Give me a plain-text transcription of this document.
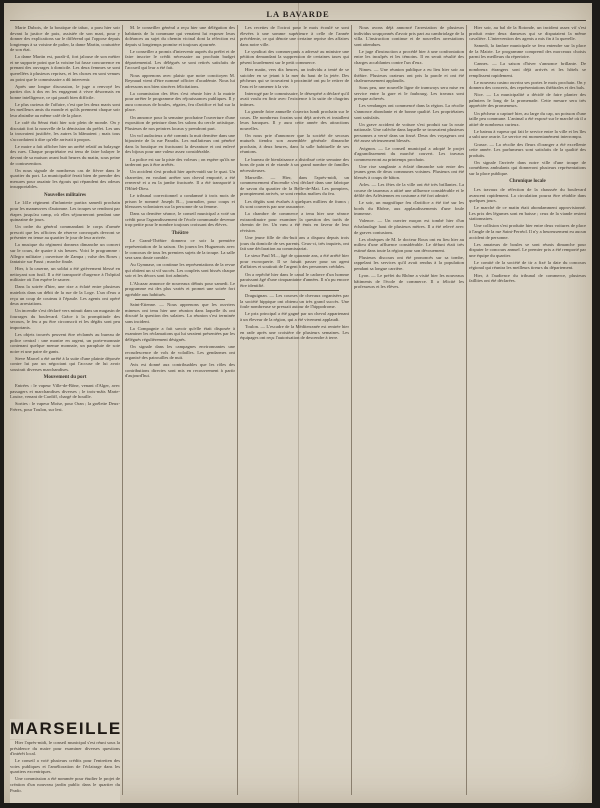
LA BAVARDE

Marie Dubois, de la boutique de tabac, a paru hier soir devant la justice de paix, assistée de son mari, pour y donner des explications sur le différend qui l'oppose depuis longtemps à sa voisine de palier, la dame Martin, couturière de son état.

La dame Martin est, paraît-il, fort jalouse de son métier et ne supporte point que la voisine lui fasse concurrence en prenant des ouvrages à domicile. Les deux femmes se sont querellées à plusieurs reprises, et les choses en sont venues au point que le commissaire a dû intervenir.

Après une longue discussion, le juge a renvoyé les parties dos à dos en les engageant à vivre désormais en bonne intelligence, ce qui paraît bien difficile.

Le plus curieux de l'affaire, c'est que les deux maris sont les meilleurs amis du monde et qu'ils prennent chaque soir leur absinthe au même café de la place.

Le café du Sénat était hier soir plein de monde. On y discutait fort la nouvelle de la démission du préfet. Les uns la trouvaient justifiée, les autres la blâmaient ; mais tous s'accordaient à dire qu'elle arrivait à propos.

Le maire a fait afficher hier un arrêté relatif au balayage des rues. Chaque propriétaire est tenu de faire balayer le devant de sa maison avant huit heures du matin, sous peine de contravention.

On nous signale de nombreux cas de fièvre dans le quartier du port. La municipalité ferait bien de prendre des mesures pour assainir les égouts qui répandent des odeurs insupportables.

Nouvelles militaires

Le 141e régiment d'infanterie partira samedi prochain pour les manœuvres d'automne. Les troupes se rendront par étapes jusqu'au camp, où elles séjourneront pendant une quinzaine de jours.

Un ordre du général commandant le corps d'armée prescrit que les officiers de réserve convoqués devront se présenter en tenue au quartier le jour de leur arrivée.

La musique du régiment donnera dimanche un concert sur le cours, de quatre à six heures. Voici le programme : Allegro militaire ; ouverture de Zampa ; valse des Roses ; fantaisie sur Faust ; marche finale.

Hier, à la caserne, un soldat a été grièvement blessé en nettoyant son fusil. Il a été transporté d'urgence à l'hôpital militaire où l'on espère le sauver.

Dans la soirée d'hier, une rixe a éclaté entre plusieurs matelots dans un débit de la rue de la Loge. L'un d'eux a reçu un coup de couteau à l'épaule. Les agents ont opéré deux arrestations.

Un incendie s'est déclaré vers minuit dans un magasin de fourrages du boulevard. Grâce à la promptitude des secours, le feu a pu être circonscrit et les dégâts sont peu importants.

Les objets trouvés peuvent être réclamés au bureau de police central : une montre en argent, un porte-monnaie contenant quelque menue monnaie, un parapluie de soie noire et une paire de gants.

Steve Marcel a été arrêté à la suite d'une plainte déposée contre lui par un négociant qui l'accuse de lui avoir soustrait diverses marchandises.

Mouvement du port

Entrées : le vapeur Ville-de-Bône, venant d'Alger, avec passagers et marchandises diverses ; le trois-mâts Marie-Louise, venant de Cardiff, chargé de houille.

Sorties : le vapeur Moïse, pour Oran ; la goélette Deux-Frères, pour Toulon, sur lest.

M. le conseiller général a reçu hier une délégation des habitants de la commune qui venaient lui exposer leurs doléances au sujet du chemin vicinal dont la réfection est depuis si longtemps promise et toujours ajournée.

Le conseiller a promis d'intervenir auprès du préfet et de faire inscrire le crédit nécessaire au prochain budget départemental. Les délégués se sont retirés satisfaits de l'accueil qui leur a été fait.

Nous apprenons avec plaisir que notre concitoyen M. Reynaud vient d'être nommé officier d'académie. Nous lui adressons nos bien sincères félicitations.

La commission des fêtes s'est réunie hier à la mairie pour arrêter le programme des réjouissances publiques. Il y aura concours de boules, régates, feu d'artifice et bal sur la place.

On annonce pour la semaine prochaine l'ouverture d'une exposition de peinture dans les salons du cercle artistique. Plusieurs de nos peintres locaux y prendront part.

Un vol audacieux a été commis la nuit dernière dans une bijouterie de la rue Paradis. Les malfaiteurs ont pénétré dans la boutique en fracturant la devanture et ont enlevé des bijoux pour une valeur assez considérable.

La police est sur la piste des voleurs ; on espère qu'ils ne tarderont pas à être arrêtés.

Un accident s'est produit hier après-midi sur le quai. Un charretier, en voulant arrêter son cheval emporté, a été renversé et a eu la jambe fracturée. Il a été transporté à l'Hôtel-Dieu.

Le tribunal correctionnel a condamné à trois mois de prison le nommé Joseph B..., journalier, pour coups et blessures volontaires sur la personne de sa femme.

Dans sa dernière séance, le conseil municipal a voté un crédit pour l'agrandissement de l'école communale devenue trop petite pour le nombre toujours croissant des élèves.

Théâtre

Le Grand-Théâtre donnera ce soir la première représentation de la saison. On jouera les Huguenots avec le concours de tous les premiers sujets de la troupe. La salle sera sans doute comble.

Au Gymnase, on continue les représentations de la revue qui obtient un si vif succès. Les couplets sont bissés chaque soir et les décors sont fort admirés.

L'Alcazar annonce de nouveaux débuts pour samedi. Le programme est des plus variés et promet une soirée fort agréable aux habitués.

Saint-Etienne. — Nous apprenons que les ouvriers mineurs ont tenu hier une réunion dans laquelle ils ont discuté la question des salaires. La réunion s'est terminée sans incident.

La Compagnie a fait savoir qu'elle était disposée à examiner les réclamations qui lui seraient présentées par les délégués régulièrement désignés.

On signale dans les campagnes environnantes une recrudescence de vols de volailles. Les gendarmes ont organisé des patrouilles de nuit.

Avis est donné aux contribuables que les rôles des contributions directes sont mis en recouvrement à partir d'aujourd'hui.

Les recettes de l'octroi pour le mois écoulé se sont élevées à une somme supérieure à celle de l'année précédente, ce qui dénote une certaine reprise des affaires dans notre ville.

Le syndicat des commerçants a adressé au ministre une pétition demandant la suppression de certaines taxes qui pèsent lourdement sur le petit commerce.

Hier matin, vers dix heures, un individu a tenté de se suicider en se jetant à la mer du haut de la jetée. Des pêcheurs qui se trouvaient à proximité ont pu le retirer de l'eau et le ramener à la vie.

Interrogé par le commissaire, le désespéré a déclaré qu'il avait voulu en finir avec l'existence à la suite de chagrins intimes.

La grande foire annuelle s'ouvrira lundi prochain sur le cours. De nombreux forains sont déjà arrivés et installent leurs baraques. Il y aura cette année des attractions nouvelles.

On nous prie d'annoncer que la société de secours mutuels tiendra son assemblée générale dimanche prochain, à deux heures, dans la salle habituelle de ses réunions.

Le bureau de bienfaisance a distribué cette semaine des bons de pain et de viande à un grand nombre de familles nécessiteuses.

Marseille. — Hier, dans l'après-midi, un commencement d'incendie s'est déclaré dans une fabrique de savon du quartier de la Belle-de-Mai. Les pompiers, promptement arrivés, se sont rendus maîtres du feu.

Les dégâts sont évalués à quelques milliers de francs ; ils sont couverts par une assurance.

La chambre de commerce a tenu hier une séance extraordinaire pour examiner la question des tarifs de chemin de fer. Un vœu a été émis en faveur de leur révision.

Une jeune fille de dix-huit ans a disparu depuis trois jours du domicile de ses parents. Ceux-ci, très inquiets, ont fait une déclaration au commissariat.

Le sieur Paul M..., âgé de quarante ans, a été arrêté hier pour escroquerie. Il se faisait passer pour un agent d'affaires et soutirait de l'argent à des personnes crédules.

On a repêché hier dans le canal le cadavre d'un homme paraissant âgé d'une cinquantaine d'années. Il n'a pu encore être identifié.

Draguignan. — Les courses de chevaux organisées par la société hippique ont obtenu un très grand succès. Une foule nombreuse se pressait autour de l'hippodrome.

Le prix principal a été gagné par un cheval appartenant à un éleveur de la région, qui a été vivement applaudi.

Toulon. — L'escadre de la Méditerranée est rentrée hier en rade après une croisière de plusieurs semaines. Les équipages ont reçu l'autorisation de descendre à terre.

Nous avons déjà annoncé l'arrestation de plusieurs individus soupçonnés d'avoir pris part au cambriolage de la villa. L'instruction continue et de nouvelles arrestations sont attendues.

Le juge d'instruction a procédé hier à une confrontation entre les inculpés et les témoins. Il en serait résulté des charges accablantes contre l'un d'eux.

Nimes. — Une réunion publique a eu lieu hier soir au théâtre. Plusieurs orateurs ont pris la parole et ont été chaleureusement applaudis.

Sous peu, une nouvelle ligne de tramways sera mise en service entre la gare et le faubourg. Les travaux sont presque achevés.

Les vendanges ont commencé dans la région. La récolte s'annonce abondante et de bonne qualité. Les propriétaires sont satisfaits.

Un grave accident de voiture s'est produit sur la route nationale. Une calèche dans laquelle se trouvaient plusieurs personnes a versé dans un fossé. Deux des voyageurs ont été assez sérieusement blessés.

Avignon. — Le conseil municipal a adopté le projet d'agrandissement du marché couvert. Les travaux commenceront au printemps prochain.

Une rixe sanglante a éclaté dimanche soir entre des jeunes gens de deux communes voisines. Plusieurs ont été blessés à coups de bâton.

Arles. — Les fêtes de la ville ont été très brillantes. La course de taureaux a attiré une affluence considérable et le défilé des Arlésiennes en costume a été fort admiré.

Le soir, un magnifique feu d'artifice a été tiré sur les bords du Rhône, aux applaudissements d'une foule immense.

Valence. — Un ouvrier maçon est tombé hier d'un échafaudage haut de plusieurs mètres. Il a été relevé avec de graves contusions.

Les obsèques de M. le docteur Roux ont eu lieu hier au milieu d'une affluence considérable. Le défunt était très estimé dans toute la région pour son dévouement.

Plusieurs discours ont été prononcés sur sa tombe, rappelant les services qu'il avait rendus à la population pendant sa longue carrière.

Lyon. — Le préfet du Rhône a visité hier les nouveaux bâtiments de l'école de commerce. Il a félicité les professeurs et les élèves.

Hier soir, au bal de la Rotonde, un incident assez vif s'est produit entre deux danseurs qui se disputaient la même cavalière. L'intervention des agents a mis fin à la querelle.

Samedi, la fanfare municipale se fera entendre sur la place de la Mairie. Le programme comprend des morceaux choisis parmi les meilleurs du répertoire.

Cannes. — La saison d'hiver s'annonce brillante. De nombreux étrangers sont déjà arrivés et les hôtels se remplissent rapidement.

Le nouveau casino ouvrira ses portes le mois prochain. On y donnera des concerts, des représentations théâtrales et des bals.

Nice. — La municipalité a décidé de faire planter des palmiers le long de la promenade. Cette mesure sera très appréciée des promeneurs.

Un pêcheur a capturé hier, au large du cap, un poisson d'une taille peu commune. L'animal a été exposé sur le marché où il a attiré de nombreux curieux.

Le bateau à vapeur qui fait le service entre la ville et les îles a subi une avarie. Le service est momentanément interrompu.

Grasse. — La récolte des fleurs d'oranger a été excellente cette année. Les parfumeurs sont satisfaits de la qualité des produits.

On signale l'arrivée dans notre ville d'une troupe de comédiens ambulants qui donneront plusieurs représentations sur la place publique.

Chronique locale

Les travaux de réfection de la chaussée du boulevard avancent rapidement. La circulation pourra être rétablie dans quelques jours.

Le marché de ce matin était abondamment approvisionné. Les prix des légumes sont en baisse ; ceux de la viande restent stationnaires.

Une collision s'est produite hier entre deux voitures de place à l'angle de la rue Saint-Ferréol. Il n'y a heureusement eu aucun accident de personne.

Les amateurs de boules se sont réunis dimanche pour disputer le concours annuel. Le premier prix a été remporté par une équipe du quartier.

Le comité de la société de tir a fixé la date du concours régional qui réunira les meilleurs tireurs du département.

Hier, à l'audience du tribunal de commerce, plusieurs faillites ont été déclarées.

MARSEILLE

Hier l'après-midi, le conseil municipal s'est réuni sous la présidence du maire pour examiner diverses questions d'intérêt local.

Le conseil a voté plusieurs crédits pour l'entretien des voies publiques et l'amélioration de l'éclairage dans les quartiers excentriques.

Une commission a été nommée pour étudier le projet de création d'un nouveau jardin public dans le quartier du Prado.
